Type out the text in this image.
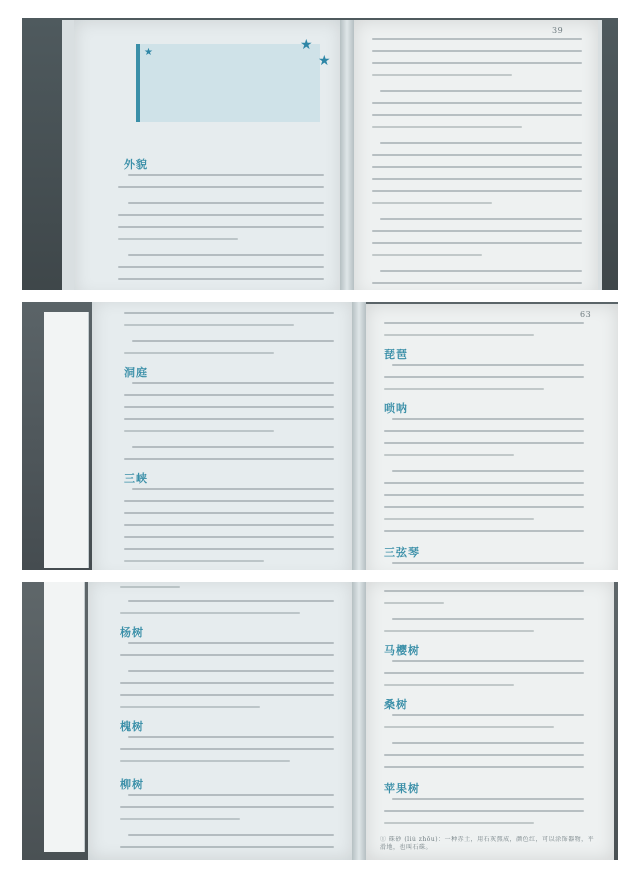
★
★
★
外貌
39
洞庭
三峡
63
琵琶
唢呐
三弦琴
杨树
槐树
柳树
马樱树
桑树
苹果树
① 硃砂 (liú zhōu)：一种赤土，用石灰熬成，颜色红，可以涂饰器物，平滑地，也叫石硃。
